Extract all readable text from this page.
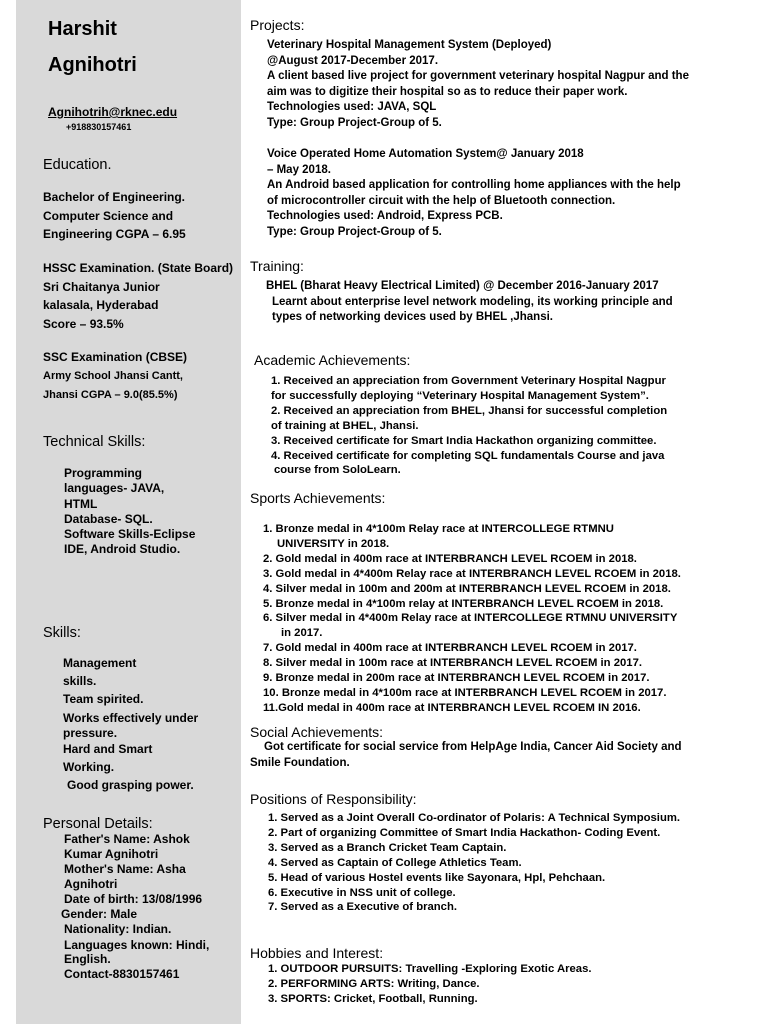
Harshit
Agnihotri
Agnihotrih@rknec.edu
+918830157461
Education.
Bachelor of Engineering.
Computer Science and
Engineering CGPA – 6.95
HSSC Examination. (State Board)
Sri Chaitanya Junior
kalasala, Hyderabad
Score – 93.5%
SSC Examination (CBSE)
Army School Jhansi Cantt,
Jhansi CGPA – 9.0(85.5%)
Technical Skills:
Programming
languages- JAVA,
HTML
Database- SQL.
Software Skills-Eclipse
IDE, Android Studio.
Skills:
Management
skills.
Team spirited.
Works effectively under
pressure.
Hard and Smart
Working.
Good grasping power.
Personal Details:
Father's Name: Ashok
Kumar Agnihotri
Mother's Name: Asha
Agnihotri
Date of birth: 13/08/1996
Gender: Male
Nationality: Indian.
Languages known: Hindi,
English.
Contact-8830157461
Projects:
Veterinary Hospital Management System (Deployed)
@August 2017-December 2017.
A client based live project for government veterinary hospital Nagpur and the
aim was to digitize their hospital so as to reduce their paper work.
Technologies used: JAVA, SQL
Type: Group Project-Group of 5.
Voice Operated Home Automation System@ January 2018
– May 2018.
An Android based application for controlling home appliances with the help
of microcontroller circuit with the help of Bluetooth connection.
Technologies used: Android, Express PCB.
Type: Group Project-Group of 5.
Training:
BHEL (Bharat Heavy Electrical Limited) @ December 2016-January 2017
Learnt about enterprise level network modeling, its working principle and
types of networking devices used by BHEL ,Jhansi.
Academic Achievements:
1. Received an appreciation from Government Veterinary Hospital Nagpur
for successfully deploying “Veterinary Hospital Management System”.
2. Received an appreciation from BHEL, Jhansi for successful completion
of training at BHEL, Jhansi.
3. Received certificate for Smart India Hackathon organizing committee.
4. Received certificate for completing SQL fundamentals Course and java
course from SoloLearn.
Sports Achievements:
1. Bronze medal in 4*100m Relay race at INTERCOLLEGE RTMNU
UNIVERSITY in 2018.
2. Gold medal in 400m race at INTERBRANCH LEVEL RCOEM in 2018.
3. Gold medal in 4*400m Relay race at INTERBRANCH LEVEL RCOEM in 2018.
4. Silver medal in 100m and 200m at INTERBRANCH LEVEL RCOEM in 2018.
5. Bronze medal in 4*100m relay at INTERBRANCH LEVEL RCOEM in 2018.
6. Silver medal in 4*400m Relay race at INTERCOLLEGE RTMNU UNIVERSITY
in 2017.
7. Gold medal in 400m race at INTERBRANCH LEVEL RCOEM in 2017.
8. Silver medal in 100m race at INTERBRANCH LEVEL RCOEM in 2017.
9. Bronze medal in 200m race at INTERBRANCH LEVEL RCOEM in 2017.
10. Bronze medal in 4*100m race at INTERBRANCH LEVEL RCOEM in 2017.
11.Gold medal in 400m race at INTERBRANCH LEVEL RCOEM IN 2016.
Social Achievements:
Got certificate for social service from HelpAge India, Cancer Aid Society and
Smile Foundation.
Positions of Responsibility:
1. Served as a Joint Overall Co-ordinator of Polaris: A Technical Symposium.
2. Part of organizing Committee of Smart India Hackathon- Coding Event.
3. Served as a Branch Cricket Team Captain.
4. Served as Captain of College Athletics Team.
5. Head of various Hostel events like Sayonara, Hpl, Pehchaan.
6. Executive in NSS unit of college.
7. Served as a Executive of branch.
Hobbies and Interest:
1. OUTDOOR PURSUITS: Travelling -Exploring Exotic Areas.
2. PERFORMING ARTS: Writing, Dance.
3. SPORTS: Cricket, Football, Running.
